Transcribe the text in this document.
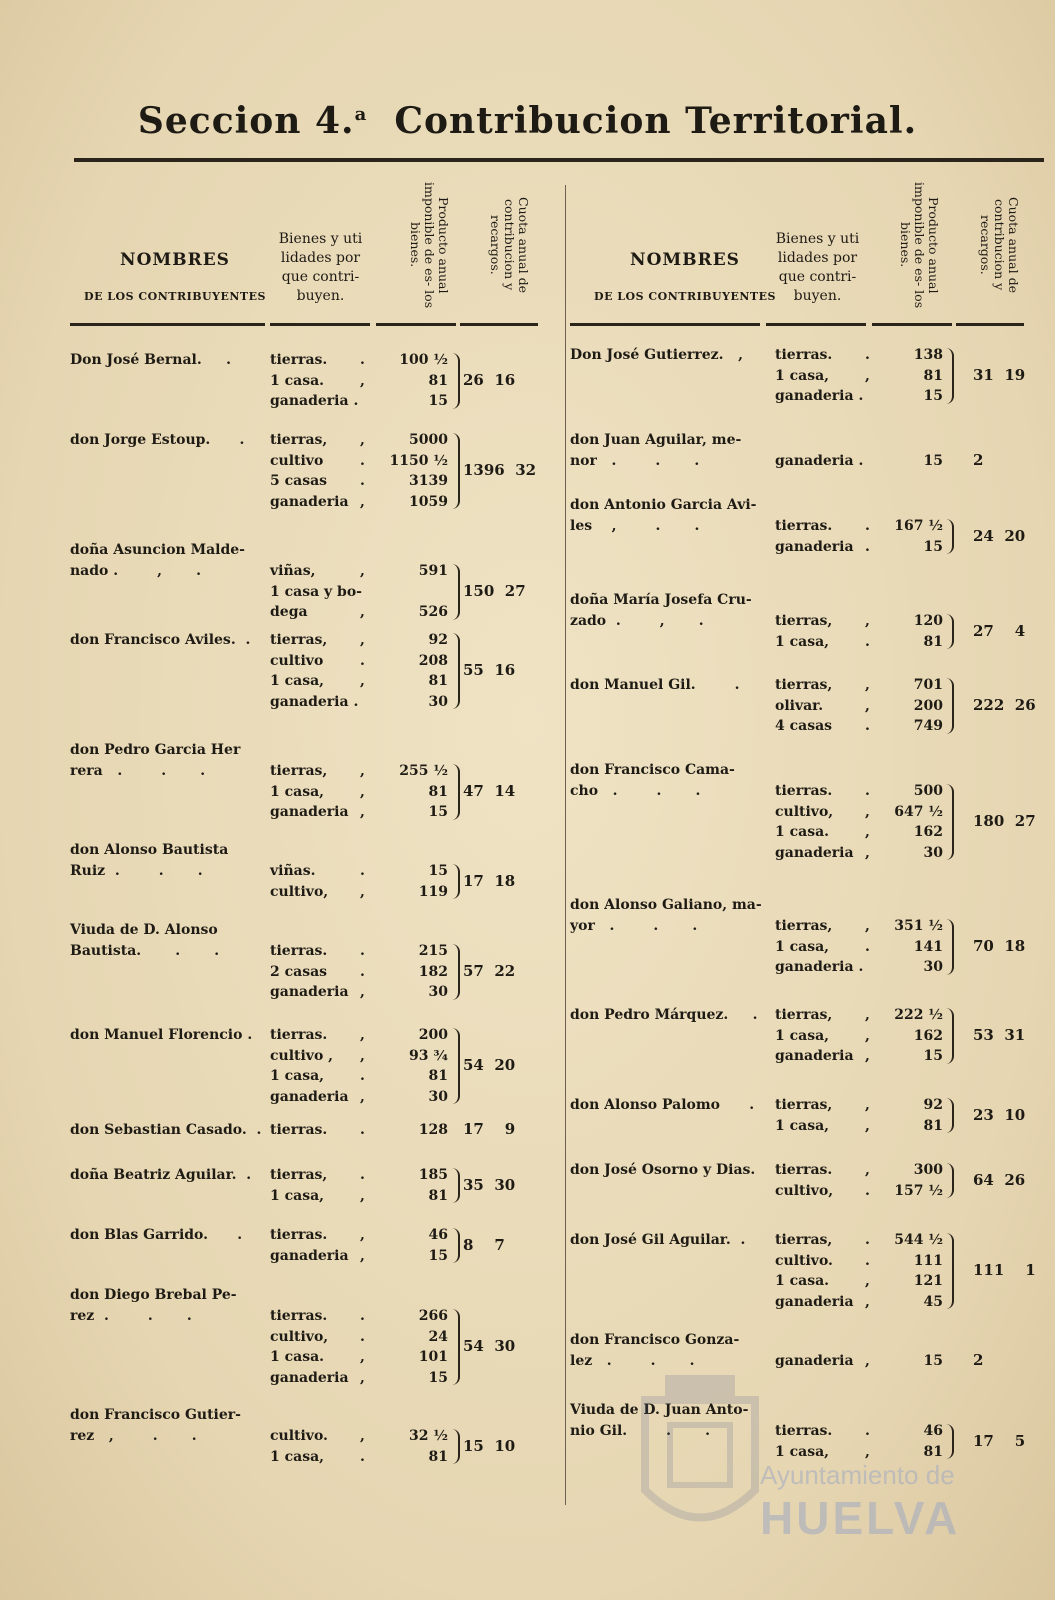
Seccion 4.$^a$ Contribucion Territorial.
NOMBRES
DE LOS CONTRIBUYENTES
Bienes y uti lidades por que contri- buyen.
Producto anual imponible de es- los bienes.	Cuota anual de contribucion y recargos.
Don José Bernal.     .	tierras. . 100 ½
1 casa.	,	81
ganaderia .	15
26  16
don Jorge Estoup.      . tierras, ,	5000
cultivo	. 1150 ½
5 casas .	3139
ganaderia ,	1059
1396  32
doña Asuncion Malde-
nado .        ,       .	viñas,	,	591
1 casa y bo-
dega	,	526
150  27
don Francisco Aviles.  . tierras, ,	92
cultivo	.	208
1 casa,	,	81
ganaderia .	30
55  16
don Pedro Garcia Her
rera   .        .       .	tierras, , 255 ½
1 casa,	,	81
ganaderia ,	15
47  14
don Alonso Bautista
Ruiz  .        .       .	viñas.	.	15
cultivo, ,	119
17  18
Viuda de D. Alonso
Bautista.       .       .	tierras. .	215
2 casas .	182
ganaderia ,	30
57  22
don Manuel Florencio . tierras. ,	200
cultivo , ,	93 ¾
1 casa,	.	81
ganaderia ,	30
54  20
don Sebastian Casado.  . tierras. .	128 17    9
doña Beatriz Aguilar.  . tierras, .	185
1 casa,	,	81
35  30
don Blas Garrido.      . tierras. ,	46
ganaderia ,	15
8    7
don Diego Brebal Pe-
rez  .        .       .	tierras. .	266
cultivo, .	24
1 casa.	,	101
ganaderia ,	15
54  30
don Francisco Gutier-
rez   ,        .       .	cultivo. ,	32 ½
1 casa,	.	81
15  10
NOMBRES
DE LOS CONTRIBUYENTES
Bienes y uti lidades por que contri- buyen.
Producto anual imponible de es- los bienes.	Cuota anual de contribucion y recargos.
Don José Gutierrez.   , tierras. .	138
1 casa,	,	81
ganaderia .	15
31  19
don Juan Aguilar, me-
nor   .        .       .	ganaderia .	15 2
don Antonio Garcia Avi-
les    ,        .       .	tierras. . 167 ½
ganaderia .	15
24  20
doña María Josefa Cru-
zado  .        ,       .	tierras, ,	120
1 casa,	.	81
27    4
don Manuel Gil.        .	tierras, ,	701
olivar.	,	200
4 casas .	749
222  26
don Francisco Cama-
cho   .        .       .	tierras. .	500
cultivo, , 647 ½
1 casa.	,	162
ganaderia ,	30
180  27
don Alonso Galiano, ma-
yor   .        .       .	tierras, , 351 ½
1 casa,	.	141
ganaderia .	30
70  18
don Pedro Márquez.     . tierras, , 222 ½
1 casa,	,	162
ganaderia ,	15
53  31
don Alonso Palomo      . tierras, ,	92
1 casa,	,	81
23  10
don José Osorno y Dias. tierras. ,	300
cultivo, . 157 ½
64  26
don José Gil Aguilar.  . tierras, . 544 ½
cultivo. .	111
1 casa.	,	121
ganaderia ,	45
111    1
don Francisco Gonza-
lez   .        .       .	ganaderia ,	15 2
Viuda de D. Juan Anto-
nio Gil.        .       .	tierras. .	46
1 casa,	,	81
17    5
Ayuntamiento de
HUELVA
